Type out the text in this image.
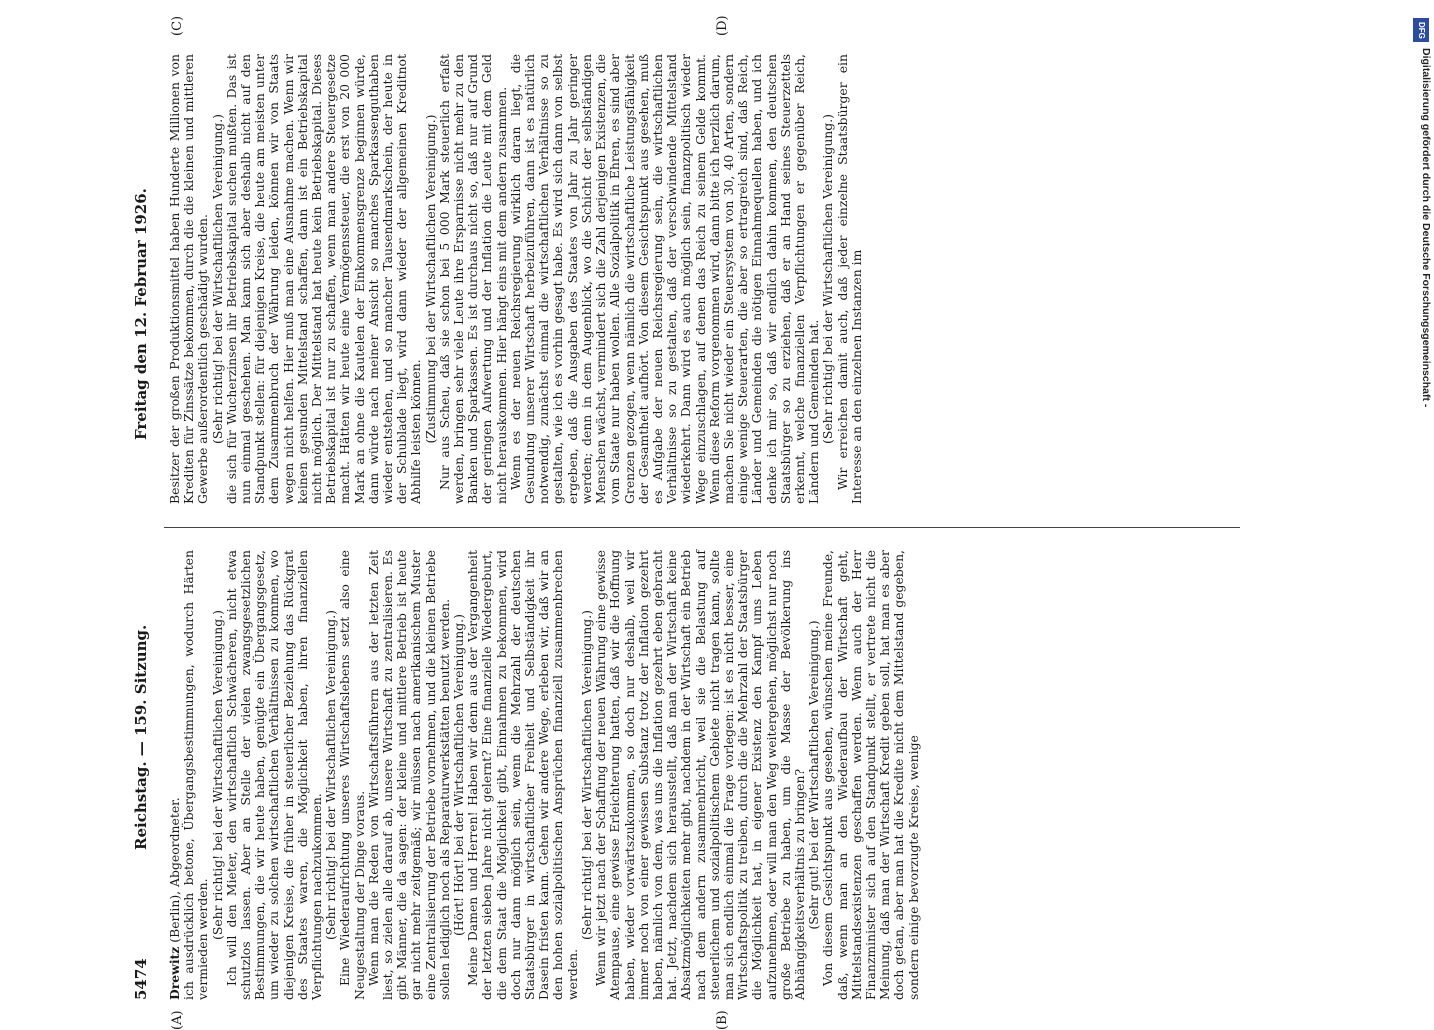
5474
Reichstag. — 159. Sitzung.
Freitag den 12. Februar 1926.
(A)	(B)
(C)	(D)

Drewitz (Berlin), Abgeordneter. ich ausdrücklich betone, Übergangsbestimmungen, wodurch Härten vermieden werden. (Sehr richtig! bei der Wirtschaftlichen Vereinigung.) Ich will den Mieter, den wirtschaftlich Schwächeren, nicht etwa schutzlos lassen. Aber an Stelle der vielen zwangsgesetzlichen Bestimmungen, die wir heute haben, genügte ein Übergangsgesetz, um wieder zu solchen wirtschaftlichen Verhältnissen zu kommen, wo diejenigen Kreise, die früher in steuerlicher Beziehung das Rückgrat des Staates waren, die Möglichkeit haben, ihren finanziellen Verpflichtungen nachzukommen. (Sehr richtig! bei der Wirtschaftlichen Vereinigung.) Eine Wiederaufrichtung unseres Wirtschaftslebens setzt also eine Neugestaltung der Dinge voraus. Wenn man die Reden von Wirtschaftsführern aus der letzten Zeit liest, so zielen alle darauf ab, unsere Wirtschaft zu zentralisieren. Es gibt Männer, die da sagen: der kleine und mittlere Betrieb ist heute gar nicht mehr zeitgemäß; wir müssen nach amerikanischem Muster eine Zentralisierung der Betriebe vornehmen, und die kleinen Betriebe sollen lediglich noch als Reparaturwerkstätten benutzt werden. (Hört! Hört! bei der Wirtschaftlichen Vereinigung.) Meine Damen und Herren! Haben wir denn aus der Vergangenheit der letzten sieben Jahre nicht gelernt? Eine finanzielle Wiedergeburt, die dem Staat die Möglichkeit gibt, Einnahmen zu bekommen, wird doch nur dann möglich sein, wenn die Mehrzahl der deutschen Staatsbürger in wirtschaftlicher Freiheit und Selbständigkeit ihr Dasein fristen kann. Gehen wir andere Wege, erleben wir, daß wir an den hohen sozialpolitischen Ansprüchen finanziell zusammenbrechen werden.

(Sehr richtig! bei der Wirtschaftlichen Vereinigung.) Wenn wir jetzt nach der Schaffung der neuen Währung eine gewisse Atempause, eine gewisse Erleichterung hatten, daß wir die Hoffnung haben, wieder vorwärtszukommen, so doch nur deshalb, weil wir immer noch von einer gewissen Substanz trotz der Inflation gezehrt haben, nämlich von dem, was uns die Inflation gezehrt eben gebracht hat. Jetzt, nachdem sich herausstellt, daß man der Wirtschaft keine Absatzmöglichkeiten mehr gibt, nachdem in der Wirtschaft ein Betrieb nach dem andern zusammenbricht, weil sie die Belastung auf steuerlichem und sozialpolitischem Gebiete nicht tragen kann, sollte man sich endlich einmal die Frage vorlegen: ist es nicht besser, eine Wirtschaftspolitik zu treiben, durch die die Mehrzahl der Staatsbürger die Möglichkeit hat, in eigener Existenz den Kampf ums Leben aufzunehmen, oder will man den Weg weitergehen, möglichst nur noch große Betriebe zu haben, um die Masse der Bevölkerung ins Abhängigkeitsverhältnis zu bringen? (Sehr gut! bei der Wirtschaftlichen Vereinigung.) Von diesem Gesichtspunkt aus gesehen, wünschen meine Freunde, daß, wenn man an den Wiederaufbau der Wirtschaft geht, Mittelstandsexistenzen geschaffen werden. Wenn auch der Herr Finanzminister sich auf den Standpunkt stellt, er vertrete nicht die Meinung, daß man der Wirtschaft Kredit geben soll, hat man es aber doch getan, aber man hat die Kredite nicht dem Mittelstand gegeben, sondern einige bevorzugte Kreise, wenige

Besitzer der großen Produktionsmittel haben Hunderte Millionen von Krediten für Zinssätze bekommen, durch die die kleinen und mittleren Gewerbe außerordentlich geschädigt wurden. (Sehr richtig! bei der Wirtschaftlichen Vereinigung.) die sich für Wucherzinsen ihr Betriebskapital suchen mußten. Das ist nun einmal geschehen. Man kann sich aber deshalb nicht auf den Standpunkt stellen: für diejenigen Kreise, die heute am meisten unter dem Zusammenbruch der Währung leiden, können wir von Staats wegen nicht helfen. Hier muß man eine Ausnahme machen. Wenn wir keinen gesunden Mittelstand schaffen, dann ist ein Betriebskapital nicht möglich. Der Mittelstand hat heute kein Betriebskapital. Dieses Betriebskapital ist nur zu schaffen, wenn man andere Steuergesetze macht. Hätten wir heute eine Vermögenssteuer, die erst von 20 000 Mark an ohne die Kautelen der Einkommensgrenze beginnen würde, dann würde nach meiner Ansicht so manches Sparkassenguthaben wieder entstehen, und so mancher Tausendmarkschein, der heute in der Schublade liegt, wird dann wieder der allgemeinen Kreditnot Abhilfe leisten können. (Zustimmung bei der Wirtschaftlichen Vereinigung.) Nur aus Scheu, daß sie schon bei 5 000 Mark steuerlich erfaßt werden, bringen sehr viele Leute ihre Ersparnisse nicht mehr zu den Banken und Sparkassen. Es ist durchaus nicht so, daß nur auf Grund der geringen Aufwertung und der Inflation die Leute mit dem Geld nicht herauskommen. Hier hängt eins mit dem andern zusammen. Wenn es der neuen Reichsregierung wirklich daran liegt, die Gesundung unserer Wirtschaft herbeizuführen, dann ist es natürlich notwendig, zunächst einmal die wirtschaftlichen Verhältnisse so zu gestalten, wie ich es vorhin gesagt habe. Es wird sich dann von selbst ergeben, daß die Ausgaben des Staates von Jahr zu Jahr geringer werden; denn in dem Augenblick, wo die Schicht der selbständigen Menschen wächst, vermindert sich die Zahl derjenigen Existenzen, die vom Staate nur haben wollen. Alle Sozialpolitik in Ehren, es sind aber Grenzen gezogen, wenn nämlich die wirtschaftliche Leistungsfähigkeit der Gesamtheit aufhört. Von diesem Gesichtspunkt aus gesehen, muß es Aufgabe der neuen Reichsregierung sein, die wirtschaftlichen Verhältnisse so zu gestalten, daß der verschwindende Mittelstand wiederkehrt. Dann wird es auch möglich sein, finanzpolitisch wieder Wege einzuschlagen, auf denen das Reich zu seinem Gelde kommt. Wenn diese Reform vorgenommen wird, dann bitte ich herzlich darum, machen Sie nicht wieder ein Steuersystem von 30, 40 Arten, sondern einige wenige Steuerarten, die aber so ertragreich sind, daß Reich, Länder und Gemeinden die nötigen Einnahmequellen haben, und ich denke ich mir so, daß wir endlich dahin kommen, den deutschen Staatsbürger so zu erziehen, daß er an Hand seines Steuerzettels erkennt, welche finanziellen Verpflichtungen er gegenüber Reich, Ländern und Gemeinden hat. (Sehr richtig! bei der Wirtschaftlichen Vereinigung.) Wir erreichen damit auch, daß jeder einzelne Staatsbürger ein Interesse an den einzelnen Instanzen im

DFG
Digitalisierung gefördert durch die Deutsche Forschungsgemeinschaft -
